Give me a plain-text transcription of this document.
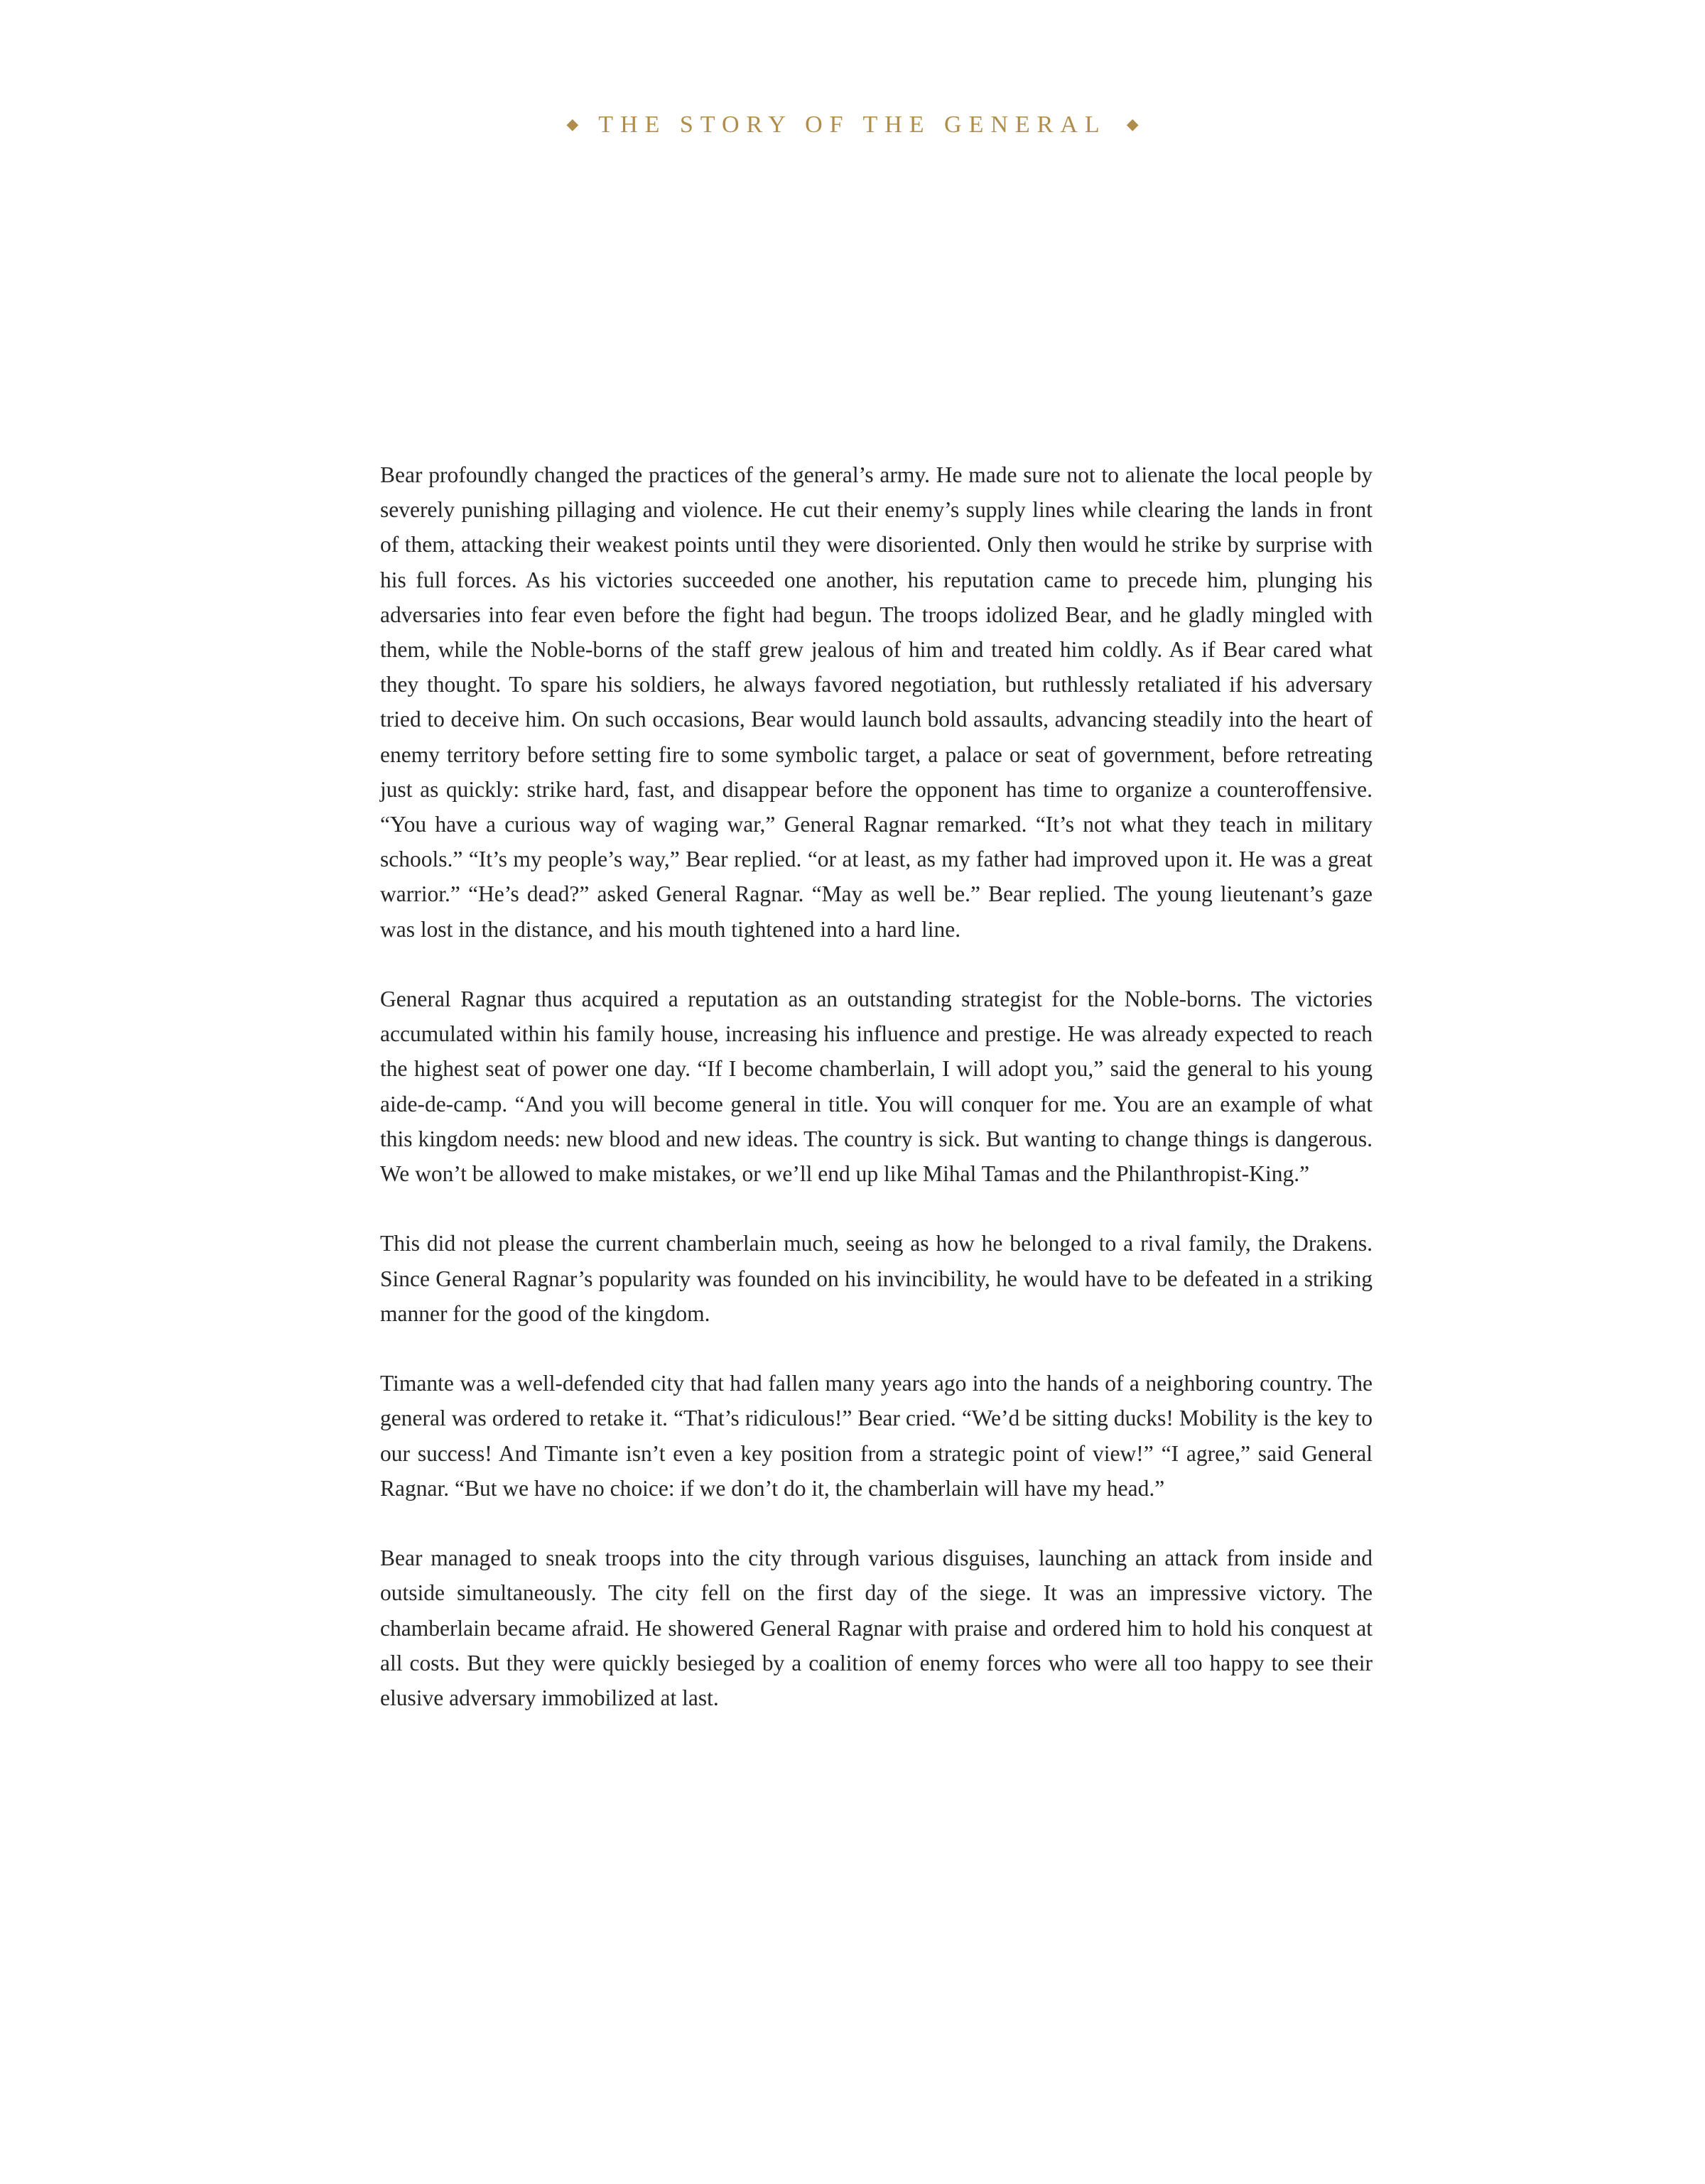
◆ THE STORY OF THE GENERAL ◆

Bear profoundly changed the practices of the general’s army. He made sure not to alienate the local people by severely punishing pillaging and violence. He cut their enemy’s supply lines while clearing the lands in front of them, attacking their weakest points until they were disoriented. Only then would he strike by surprise with his full forces. As his victories succeeded one another, his reputation came to precede him, plunging his adversaries into fear even before the fight had begun. The troops idolized Bear, and he gladly mingled with them, while the Noble-borns of the staff grew jealous of him and treated him coldly. As if Bear cared what they thought. To spare his soldiers, he always favored negotiation, but ruthlessly retaliated if his adversary tried to deceive him. On such occasions, Bear would launch bold assaults, advancing steadily into the heart of enemy territory before setting fire to some symbolic target, a palace or seat of government, before retreating just as quickly: strike hard, fast, and disappear before the opponent has time to organize a counteroffensive. “You have a curious way of waging war,” General Ragnar remarked. “It’s not what they teach in military schools.” “It’s my people’s way,” Bear replied. “or at least, as my father had improved upon it. He was a great warrior.” “He’s dead?” asked General Ragnar. “May as well be.” Bear replied. The young lieutenant’s gaze was lost in the distance, and his mouth tightened into a hard line.

General Ragnar thus acquired a reputation as an outstanding strategist for the Noble-borns. The victories accumulated within his family house, increasing his influence and prestige. He was already expected to reach the highest seat of power one day. “If I become chamberlain, I will adopt you,” said the general to his young aide-de-camp. “And you will become general in title. You will conquer for me. You are an example of what this kingdom needs: new blood and new ideas. The country is sick. But wanting to change things is dangerous. We won’t be allowed to make mistakes, or we’ll end up like Mihal Tamas and the Philanthropist-King.”

This did not please the current chamberlain much, seeing as how he belonged to a rival family, the Drakens. Since General Ragnar’s popularity was founded on his invincibility, he would have to be defeated in a striking manner for the good of the kingdom.

Timante was a well-defended city that had fallen many years ago into the hands of a neighboring country. The general was ordered to retake it. “That’s ridiculous!” Bear cried. “We’d be sitting ducks! Mobility is the key to our success! And Timante isn’t even a key position from a strategic point of view!” “I agree,” said General Ragnar. “But we have no choice: if we don’t do it, the chamberlain will have my head.”

Bear managed to sneak troops into the city through various disguises, launching an attack from inside and outside simultaneously. The city fell on the first day of the siege. It was an impressive victory. The chamberlain became afraid. He showered General Ragnar with praise and ordered him to hold his conquest at all costs. But they were quickly besieged by a coalition of enemy forces who were all too happy to see their elusive adversary immobilized at last.
